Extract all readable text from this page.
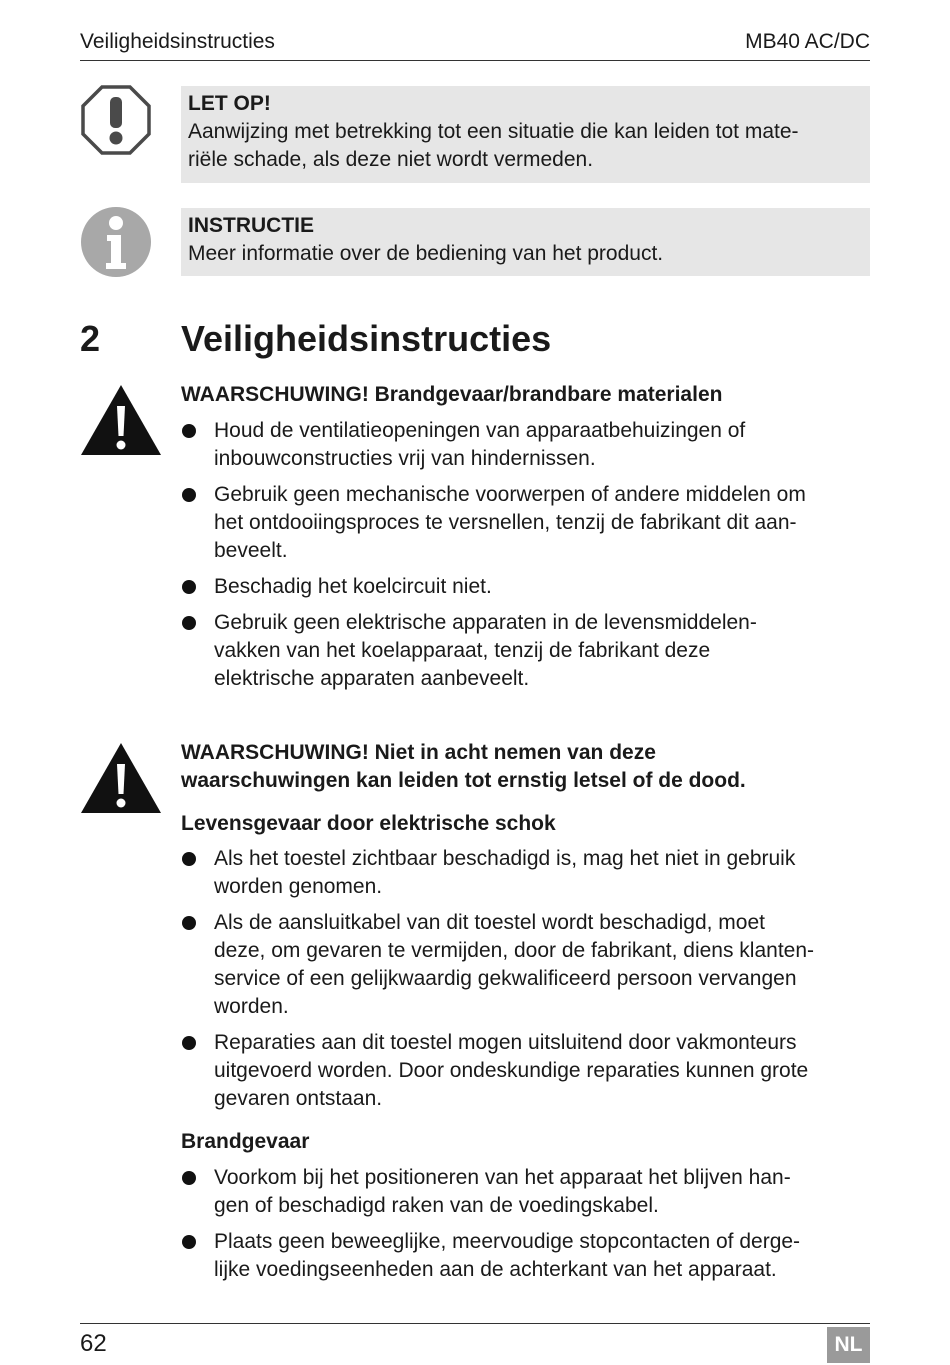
Veiligheidsinstructies	MB40 AC/DC
LET OP!
Aanwijzing met betrekking tot een situatie die kan leiden tot mate-
riële schade, als deze niet wordt vermeden.
INSTRUCTIE
Meer informatie over de bediening van het product.
2 Veiligheidsinstructies
WAARSCHUWING! Brandgevaar/brandbare materialen
Houd de ventilatieopeningen van apparaatbehuizingen of
inbouwconstructies vrij van hindernissen.
Gebruik geen mechanische voorwerpen of andere middelen om
het ontdooiingsproces te versnellen, tenzij de fabrikant dit aan-
beveelt.
Beschadig het koelcircuit niet.
Gebruik geen elektrische apparaten in de levensmiddelen-
vakken van het koelapparaat, tenzij de fabrikant deze
elektrische apparaten aanbeveelt.
WAARSCHUWING! Niet in acht nemen van deze
waarschuwingen kan leiden tot ernstig letsel of de dood.
Levensgevaar door elektrische schok
Als het toestel zichtbaar beschadigd is, mag het niet in gebruik
worden genomen.
Als de aansluitkabel van dit toestel wordt beschadigd, moet
deze, om gevaren te vermijden, door de fabrikant, diens klanten-
service of een gelijkwaardig gekwalificeerd persoon vervangen
worden.
Reparaties aan dit toestel mogen uitsluitend door vakmonteurs
uitgevoerd worden. Door ondeskundige reparaties kunnen grote
gevaren ontstaan.
Brandgevaar
Voorkom bij het positioneren van het apparaat het blijven han-
gen of beschadigd raken van de voedingskabel.
Plaats geen beweeglijke, meervoudige stopcontacten of derge-
lijke voedingseenheden aan de achterkant van het apparaat.
62	NL
